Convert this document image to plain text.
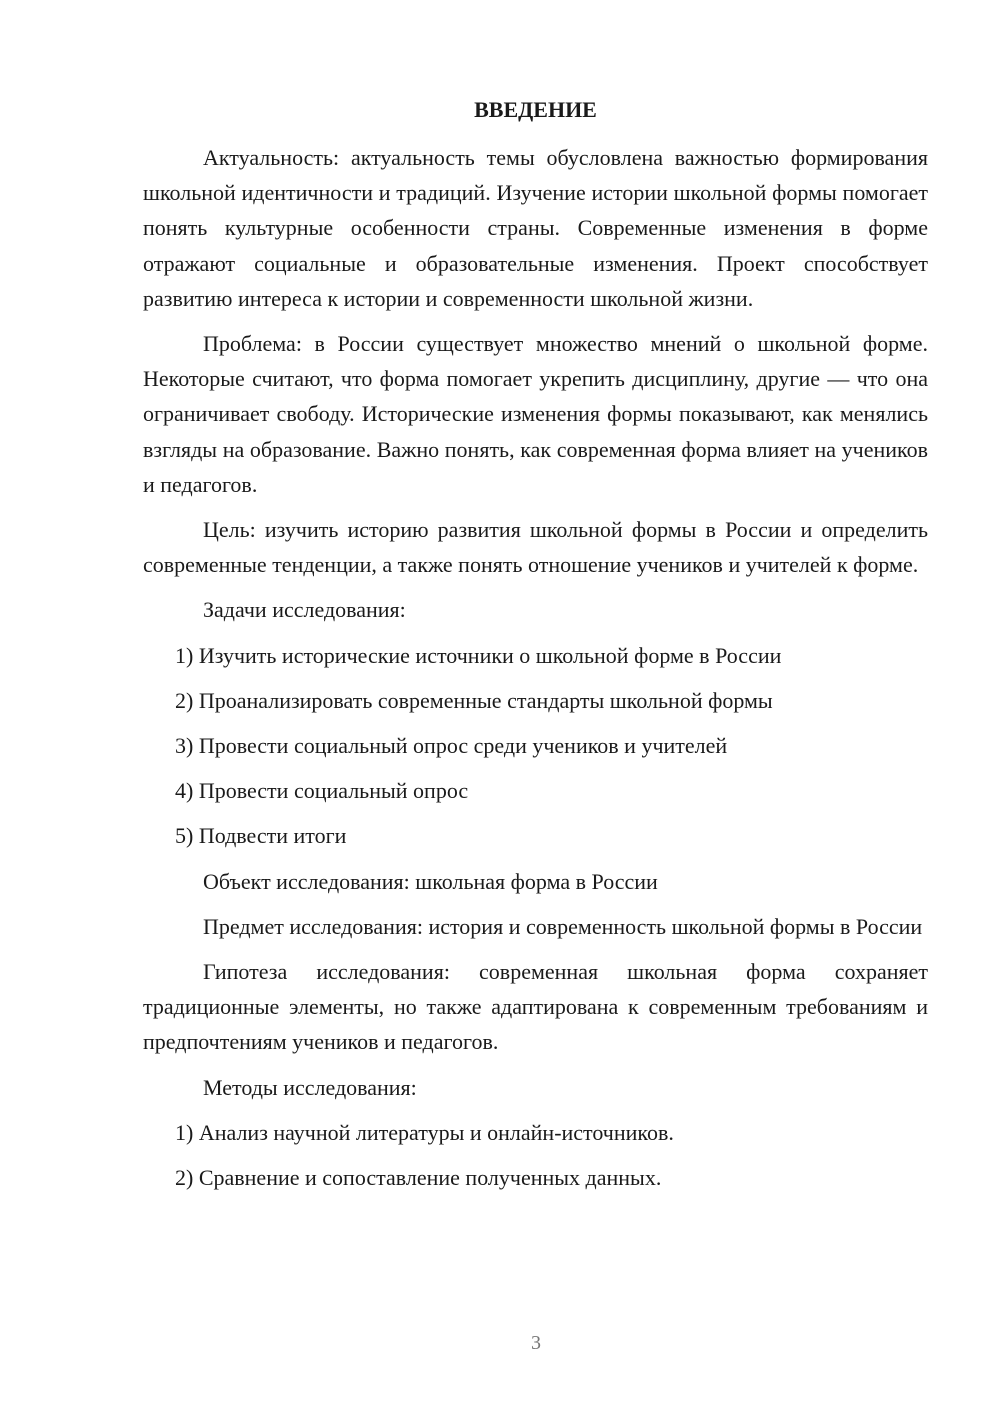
ВВЕДЕНИЕ

Актуальность: актуальность темы обусловлена важностью формирования школьной идентичности и традиций. Изучение истории школьной формы помогает понять культурные особенности страны. Современные изменения в форме отражают социальные и образовательные изменения. Проект способствует развитию интереса к истории и современности школьной жизни.

Проблема: в России существует множество мнений о школьной форме. Некоторые считают, что форма помогает укрепить дисциплину, другие — что она ограничивает свободу. Исторические изменения формы показывают, как менялись взгляды на образование. Важно понять, как современная форма влияет на учеников и педагогов.

Цель: изучить историю развития школьной формы в России и определить современные тенденции, а также понять отношение учеников и учителей к форме.

Задачи исследования:

1) Изучить исторические источники о школьной форме в России
2) Проанализировать современные стандарты школьной формы
3) Провести социальный опрос среди учеников и учителей
4) Провести социальный опрос
5) Подвести итоги

Объект исследования: школьная форма в России

Предмет исследования: история и современность школьной формы в России

Гипотеза исследования: современная школьная форма сохраняет традиционные элементы, но также адаптирована к современным требованиям и предпочтениям учеников и педагогов.

Методы исследования:

1) Анализ научной литературы и онлайн-источников.
2) Сравнение и сопоставление полученных данных.
3
